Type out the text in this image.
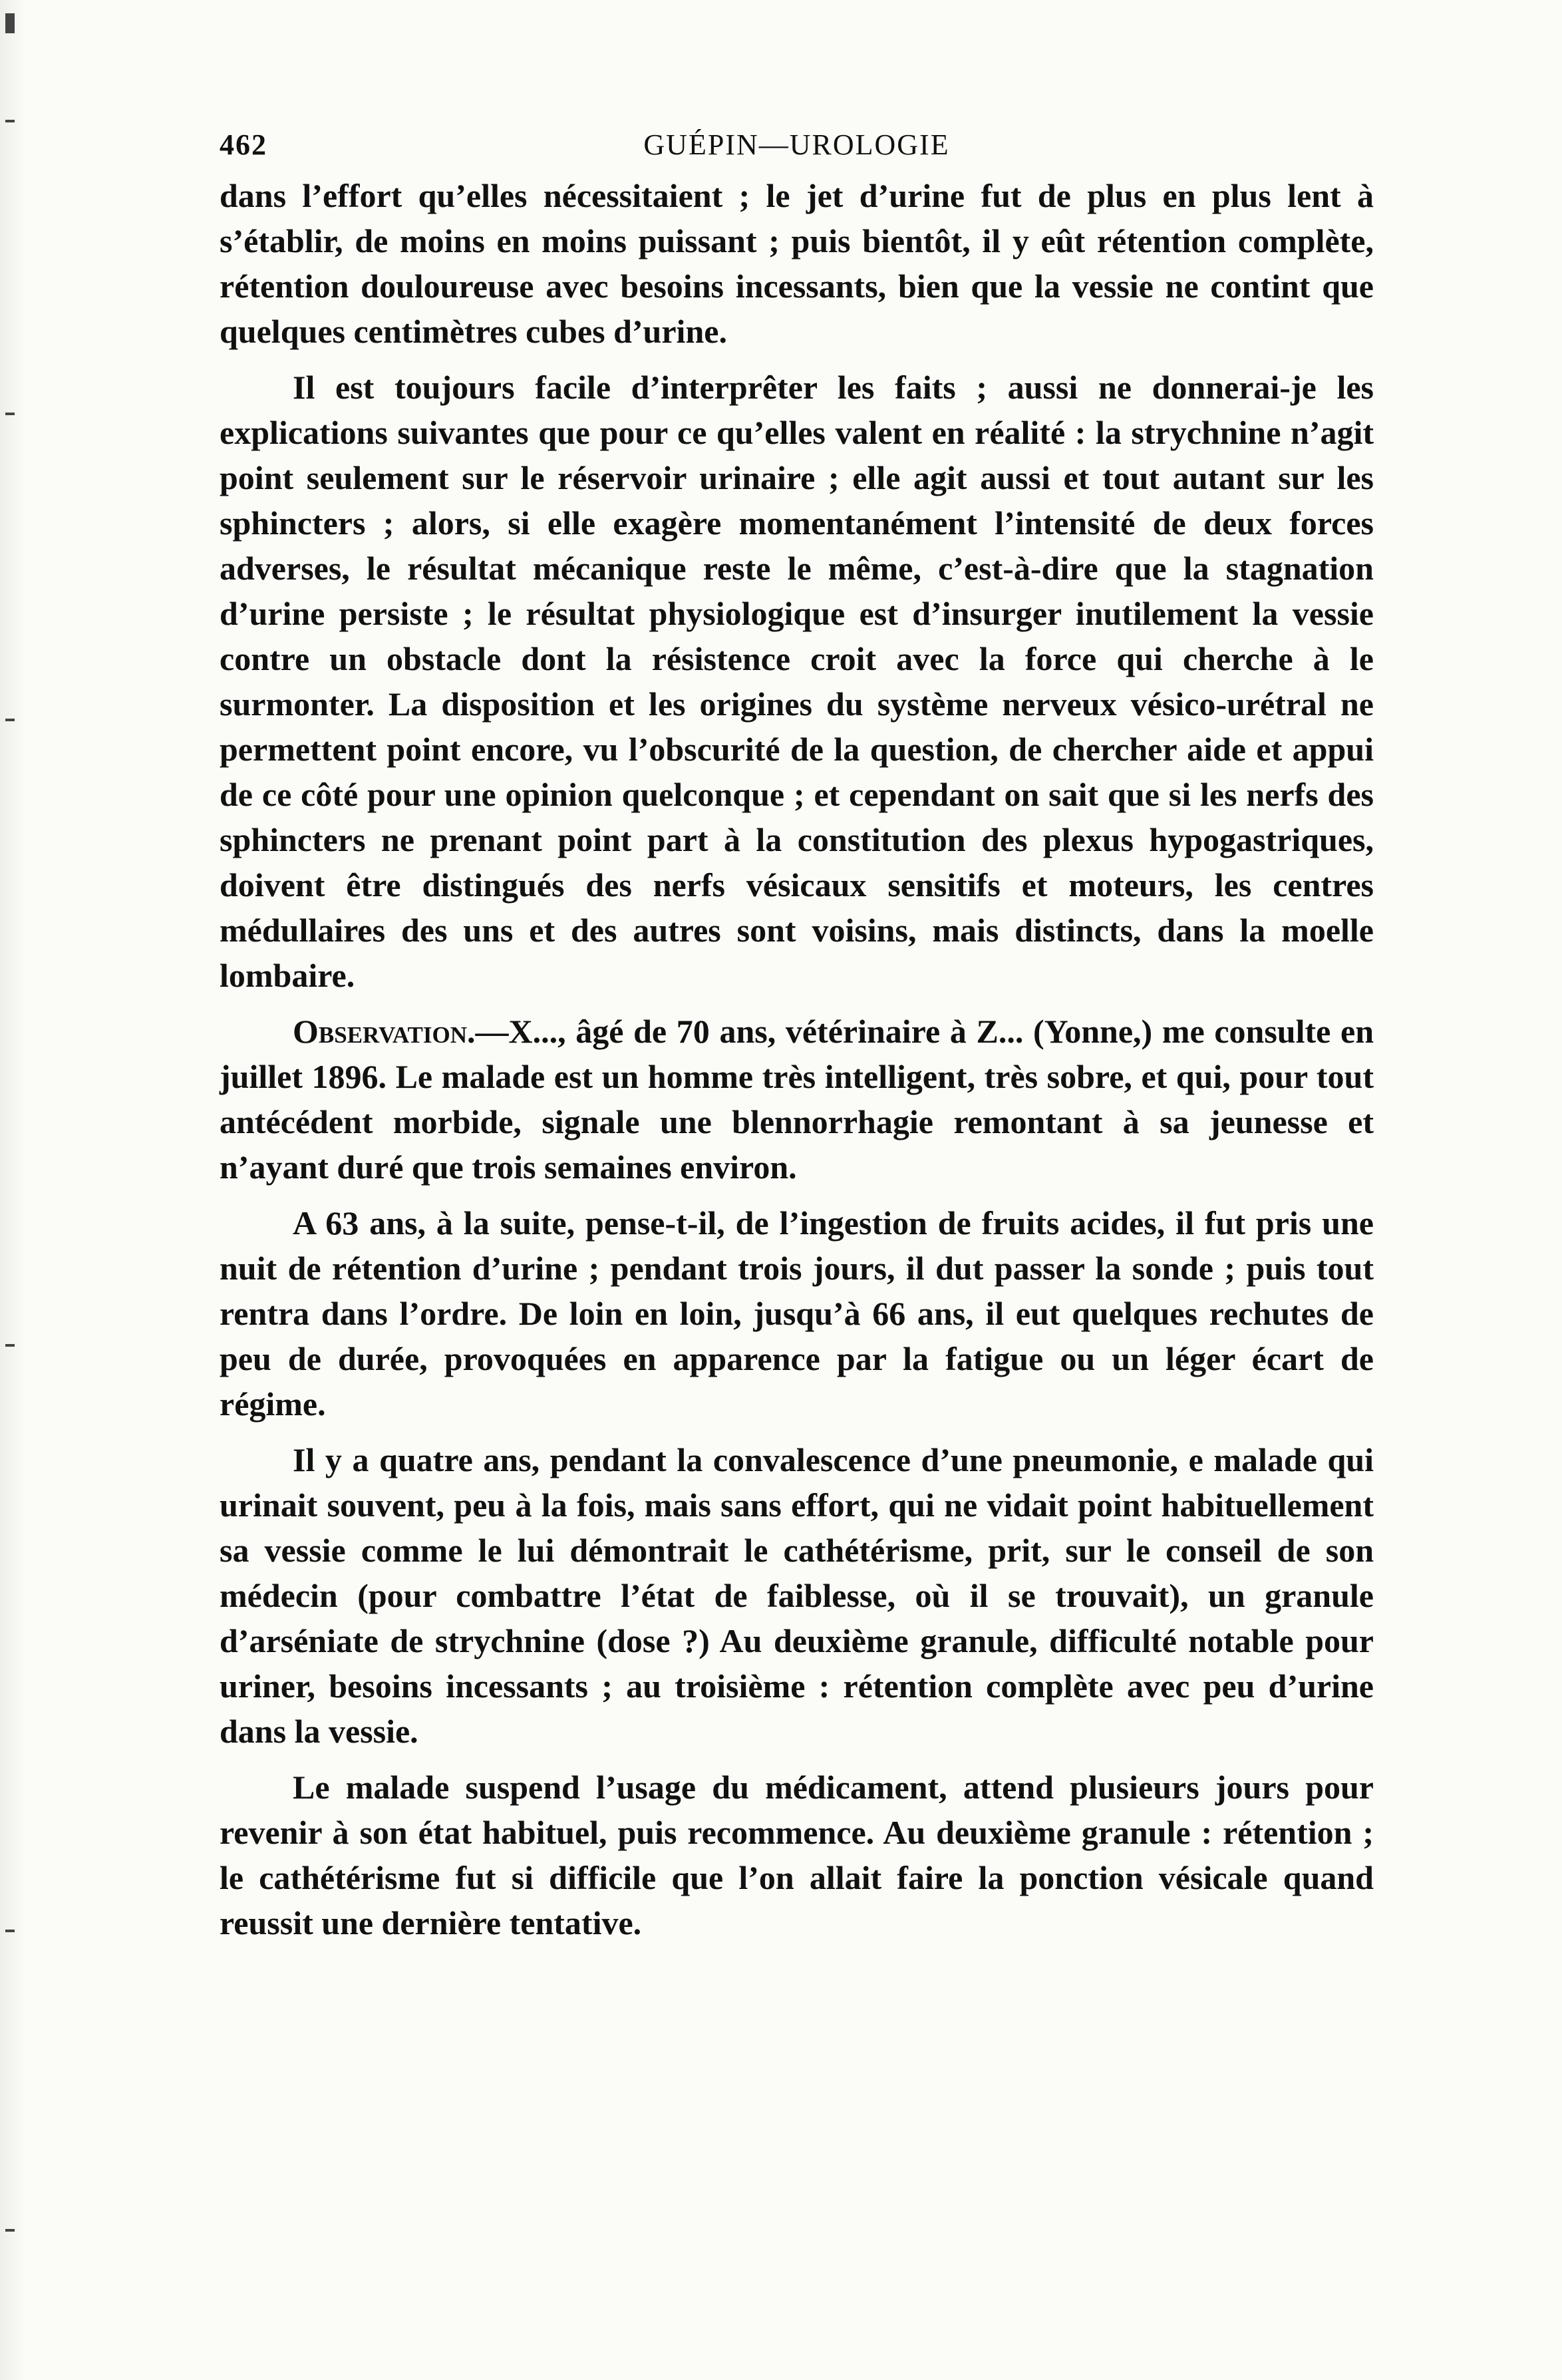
462	GUÉPIN—UROLOGIE

dans l’effort qu’elles nécessitaient ; le jet d’urine fut de plus en plus lent à s’établir, de moins en moins puissant ; puis bientôt, il y eût rétention complète, rétention douloureuse avec besoins incessants, bien que la vessie ne contint que quelques centimètres cubes d’urine.

Il est toujours facile d’interprêter les faits ; aussi ne donnerai-je les explications suivantes que pour ce qu’elles valent en réalité : la strychnine n’agit point seulement sur le réservoir urinaire ; elle agit aussi et tout autant sur les sphincters ; alors, si elle exagère momentanément l’intensité de deux forces adverses, le résultat mécanique reste le même, c’est-à-dire que la stagnation d’urine persiste ; le résultat physiologique est d’insurger inutilement la vessie contre un obstacle dont la résistence croit avec la force qui cherche à le surmonter. La disposition et les origines du système nerveux vésico-urétral ne permettent point encore, vu l’obscurité de la question, de chercher aide et appui de ce côté pour une opinion quelconque ; et cependant on sait que si les nerfs des sphincters ne prenant point part à la constitution des plexus hypogastriques, doivent être distingués des nerfs vésicaux sensitifs et moteurs, les centres médullaires des uns et des autres sont voisins, mais distincts, dans la moelle lombaire.

Observation.—X..., âgé de 70 ans, vétérinaire à Z... (Yonne,) me consulte en juillet 1896. Le malade est un homme très intelligent, très sobre, et qui, pour tout antécédent morbide, signale une blennorrhagie remontant à sa jeunesse et n’ayant duré que trois semaines environ.

A 63 ans, à la suite, pense-t-il, de l’ingestion de fruits acides, il fut pris une nuit de rétention d’urine ; pendant trois jours, il dut passer la sonde ; puis tout rentra dans l’ordre. De loin en loin, jusqu’à 66 ans, il eut quelques rechutes de peu de durée, provoquées en apparence par la fatigue ou un léger écart de régime.

Il y a quatre ans, pendant la convalescence d’une pneumonie, e malade qui urinait souvent, peu à la fois, mais sans effort, qui ne vidait point habituellement sa vessie comme le lui démontrait le cathétérisme, prit, sur le conseil de son médecin (pour combattre l’état de faiblesse, où il se trouvait), un granule d’arséniate de strychnine (dose ?) Au deuxième granule, difficulté notable pour uriner, besoins incessants ; au troisième : rétention complète avec peu d’urine dans la vessie.

Le malade suspend l’usage du médicament, attend plusieurs jours pour revenir à son état habituel, puis recommence. Au deuxième granule : rétention ; le cathétérisme fut si difficile que l’on allait faire la ponction vésicale quand reussit une dernière tentative.
